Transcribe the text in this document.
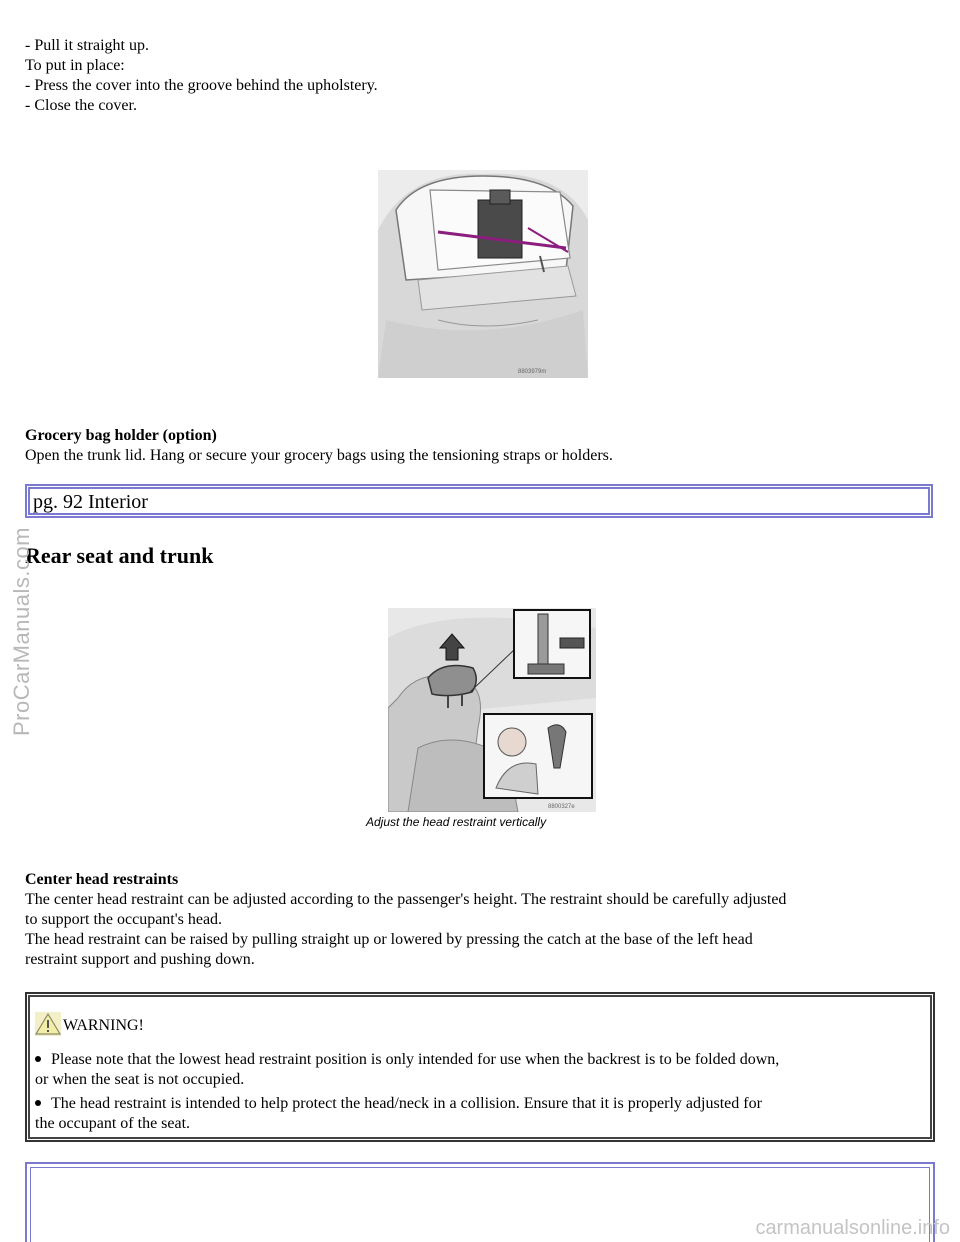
- Pull it straight up.
To put in place:
- Press the cover into the groove behind the upholstery.
- Close the cover.
8803979m
Grocery bag holder (option)
Open the trunk lid. Hang or secure your grocery bags using the tensioning straps or holders.
pg. 92 Interior
Rear seat and trunk
8800327e
Adjust the head restraint vertically
Center head restraints
The center head restraint can be adjusted according to the passenger's height. The restraint should be carefully adjusted
to support the occupant's head.
The head restraint can be raised by pulling straight up or lowered by pressing the catch at the base of the left head
restraint support and pushing down.
WARNING!
Please note that the lowest head restraint position is only intended for use when the backrest is to be folded down,
or when the seat is not occupied.
The head restraint is intended to help protect the head/neck in a collision. Ensure that it is properly adjusted for
the occupant of the seat.
ProCarManuals.com
carmanualsonline.info
